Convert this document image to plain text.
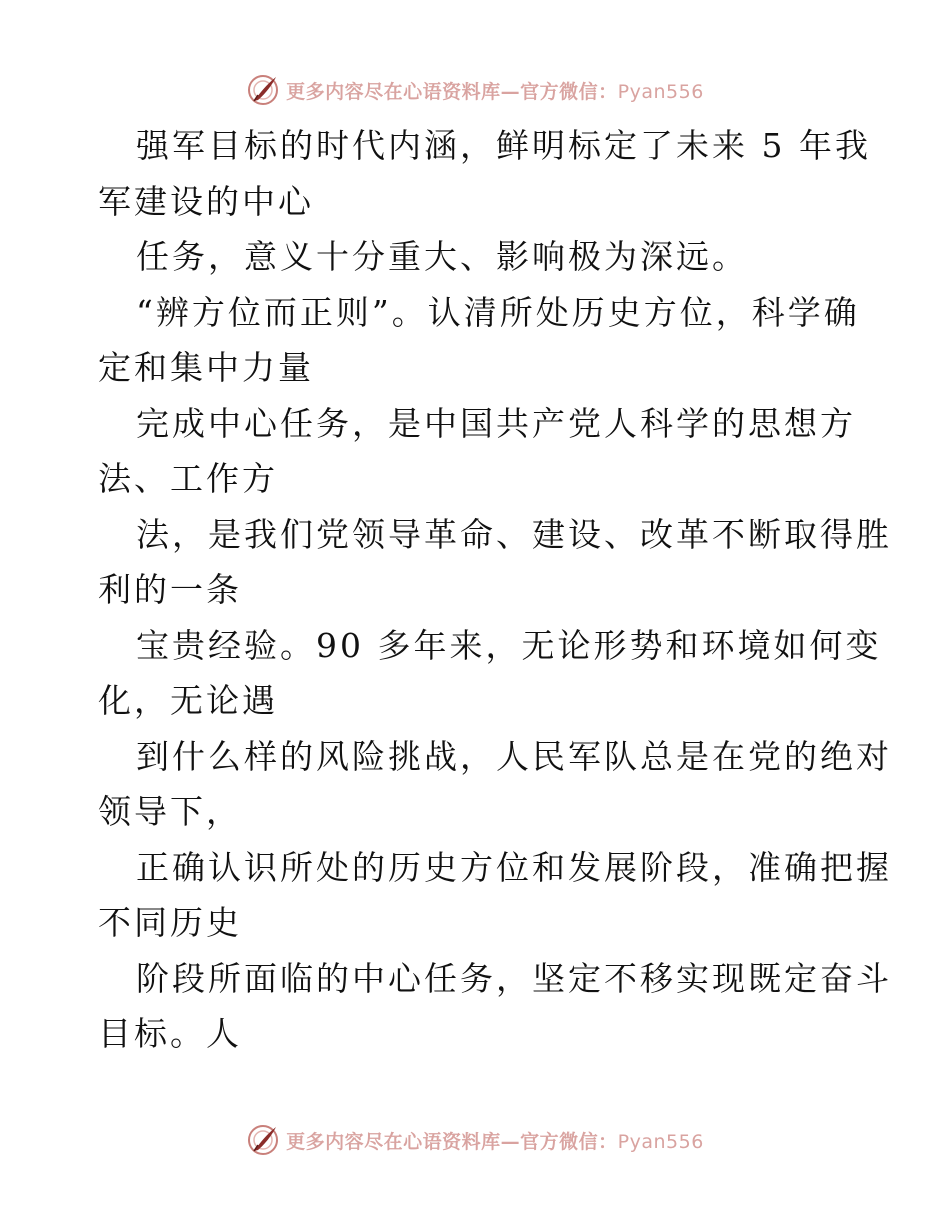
更多内容尽在心语资料库—官方微信：Pyan556

强军目标的时代内涵，鲜明标定了未来 5 年我

军建设的中心

任务，意义十分重大、影响极为深远。

“辨方位而正则”。认清所处历史方位，科学确

定和集中力量

完成中心任务，是中国共产党人科学的思想方

法、工作方

法，是我们党领导革命、建设、改革不断取得胜

利的一条

宝贵经验。90 多年来，无论形势和环境如何变

化，无论遇

到什么样的风险挑战，人民军队总是在党的绝对

领导下，

正确认识所处的历史方位和发展阶段，准确把握

不同历史

阶段所面临的中心任务，坚定不移实现既定奋斗

目标。人

更多内容尽在心语资料库—官方微信：Pyan556
